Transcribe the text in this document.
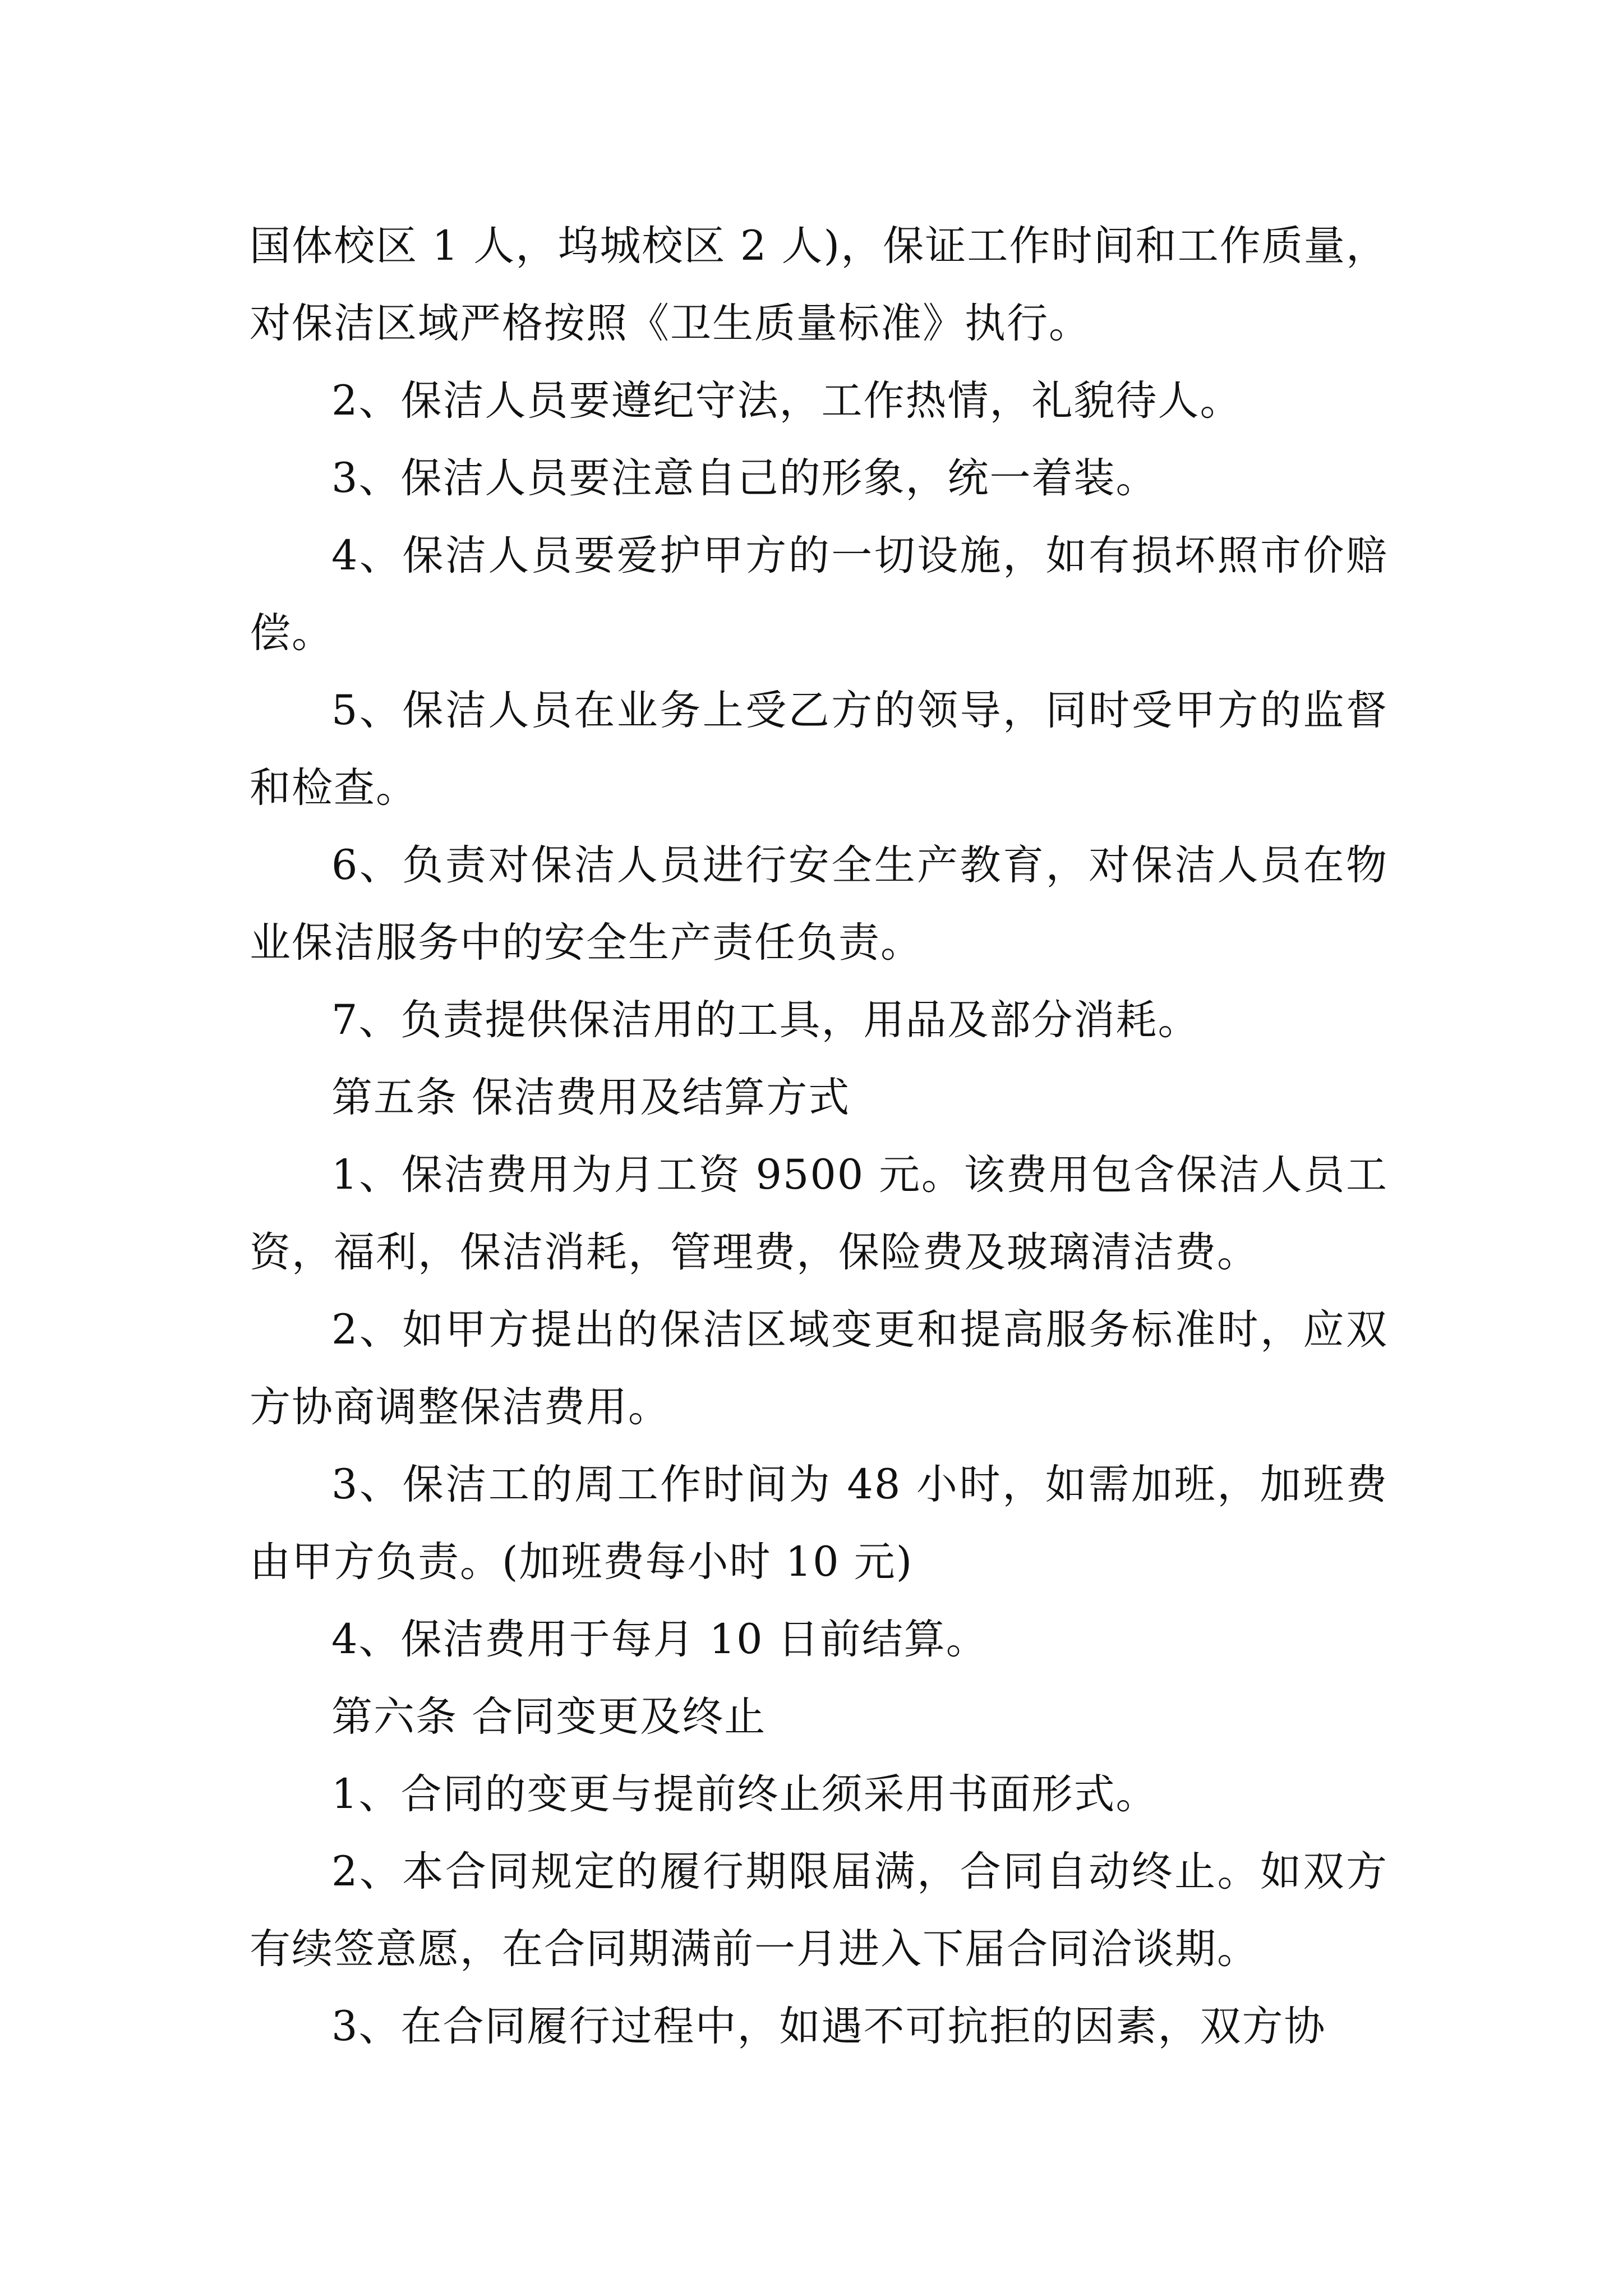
国体校区 1 人，坞城校区 2 人)，保证工作时间和工作质量，对保洁区域严格按照《卫生质量标准》执行。

2、保洁人员要遵纪守法，工作热情，礼貌待人。

3、保洁人员要注意自己的形象，统一着装。

4、保洁人员要爱护甲方的一切设施，如有损坏照市价赔偿。

5、保洁人员在业务上受乙方的领导，同时受甲方的监督和检查。

6、负责对保洁人员进行安全生产教育，对保洁人员在物业保洁服务中的安全生产责任负责。

7、负责提供保洁用的工具，用品及部分消耗。

第五条 保洁费用及结算方式

1、保洁费用为月工资 9500 元。该费用包含保洁人员工资，福利，保洁消耗，管理费，保险费及玻璃清洁费。

2、如甲方提出的保洁区域变更和提高服务标准时，应双方协商调整保洁费用。

3、保洁工的周工作时间为 48 小时，如需加班，加班费由甲方负责。(加班费每小时 10 元)

4、保洁费用于每月 10 日前结算。

第六条 合同变更及终止

1、合同的变更与提前终止须采用书面形式。

2、本合同规定的履行期限届满，合同自动终止。如双方有续签意愿，在合同期满前一月进入下届合同洽谈期。

3、在合同履行过程中，如遇不可抗拒的因素，双方协
